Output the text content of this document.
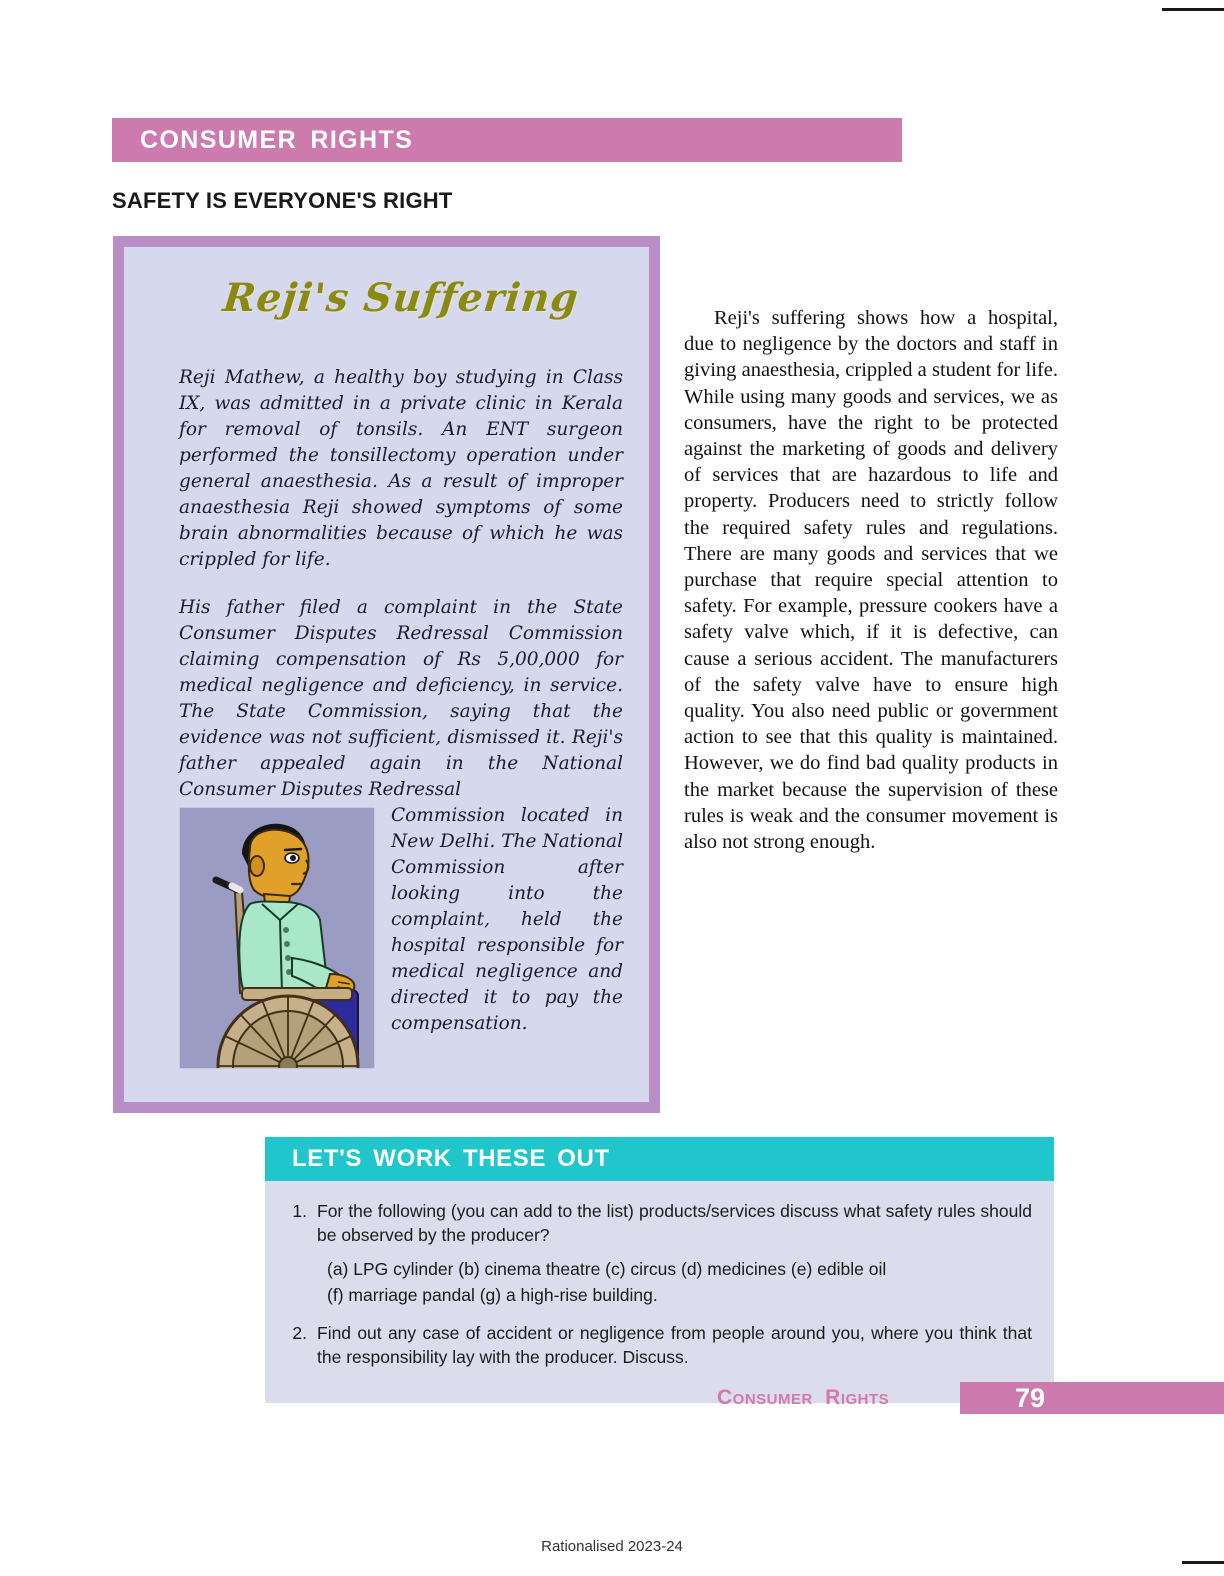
CONSUMER RIGHTS
SAFETY IS EVERYONE'S RIGHT
Reji's Suffering

Reji Mathew, a healthy boy studying in Class IX, was admitted in a private clinic in Kerala for removal of tonsils. An ENT surgeon performed the tonsillectomy operation under general anaesthesia. As a result of improper anaesthesia Reji showed symptoms of some brain abnormalities because of which he was crippled for life.

His father filed a complaint in the State Consumer Disputes Redressal Commission claiming compensation of Rs 5,00,000 for medical negligence and deficiency, in service. The State Commission, saying that the evidence was not sufficient, dismissed it. Reji's father appealed again in the National Consumer Disputes Redressal

Commission located in New Delhi. The National Commission after looking into the complaint, held the hospital responsible for medical negligence and directed it to pay the compensation.

Reji's suffering shows how a hospital, due to negligence by the doctors and staff in giving anaesthesia, crippled a student for life. While using many goods and services, we as consumers, have the right to be protected against the marketing of goods and delivery of services that are hazardous to life and property. Producers need to strictly follow the required safety rules and regulations. There are many goods and services that we purchase that require special attention to safety. For example, pressure cookers have a safety valve which, if it is defective, can cause a serious accident. The manufacturers of the safety valve have to ensure high quality. You also need public or government action to see that this quality is maintained. However, we do find bad quality products in the market because the supervision of these rules is weak and the consumer movement is also not strong enough.

LET'S WORK THESE OUT
1. For the following (you can add to the list) products/services discuss what safety rules should be observed by the producer?
(a) LPG cylinder (b) cinema theatre (c) circus (d) medicines (e) edible oil
(f) marriage pandal (g) a high-rise building.
2. Find out any case of accident or negligence from people around you, where you think that the responsibility lay with the producer. Discuss.
Consumer Rights	79
Rationalised 2023-24
